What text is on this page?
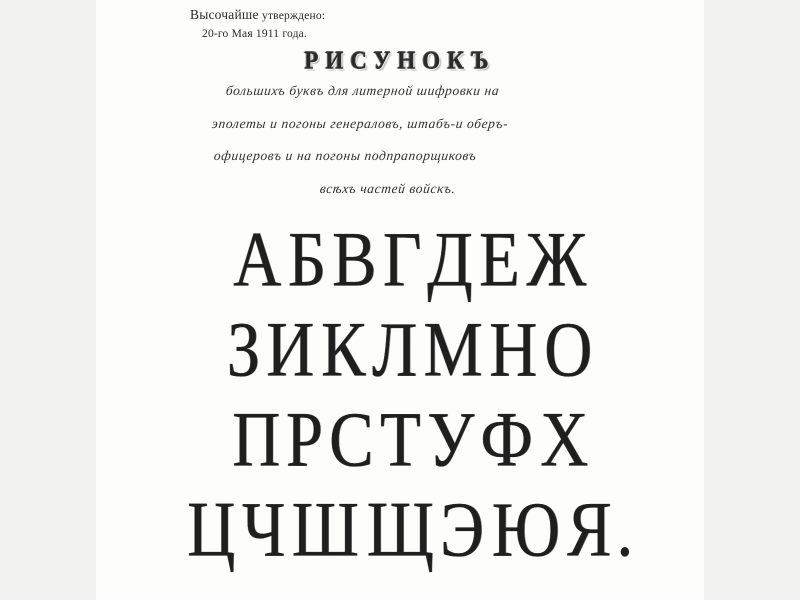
Высочайше утверждено:
20-го Мая 1911 года.
РИСУНОКЪ
большихъ буквъ для литерной шифровки на
эполеты и погоны генераловъ, штабъ-и оберъ-
офицеровъ и на погоны подпрапорщиковъ
всѣхъ частей войскъ.
А Б В Г Д Е Ж
З И К Л М Н О
П Р С Т У Ф Х
Ц Ч Ш Щ Э Ю Я .
